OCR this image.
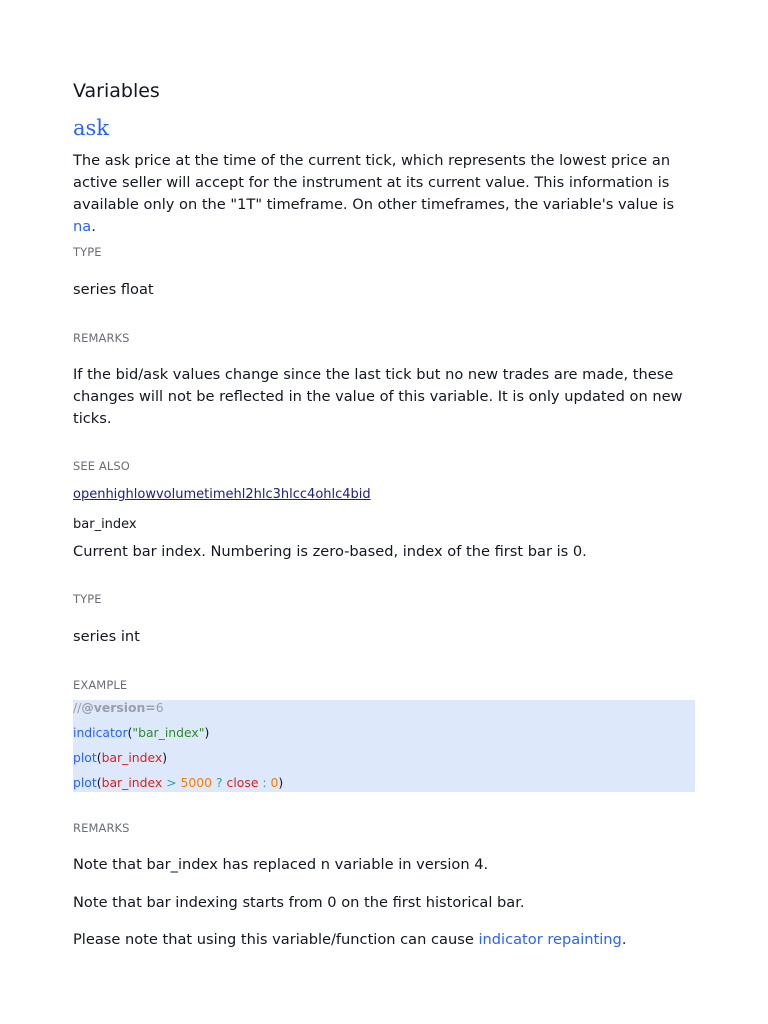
Variables
ask
The ask price at the time of the current tick, which represents the lowest price an
active seller will accept for the instrument at its current value. This information is
available only on the "1T" timeframe. On other timeframes, the variable's value is na.
TYPE
series float
REMARKS
If the bid/ask values change since the last tick but no new trades are made, these
changes will not be reflected in the value of this variable. It is only updated on new
ticks.
SEE ALSO
openhighlowvolumetimehl2hlc3hlcc4ohlc4bid
bar_index
Current bar index. Numbering is zero-based, index of the first bar is 0.
TYPE
series int
EXAMPLE
REMARKS
Note that bar_index has replaced n variable in version 4.
Note that bar indexing starts from 0 on the first historical bar.
Please note that using this variable/function can cause indicator repainting.
//@version=6
indicator("bar_index")
plot(bar_index)
plot(bar_index > 5000 ? close : 0)
